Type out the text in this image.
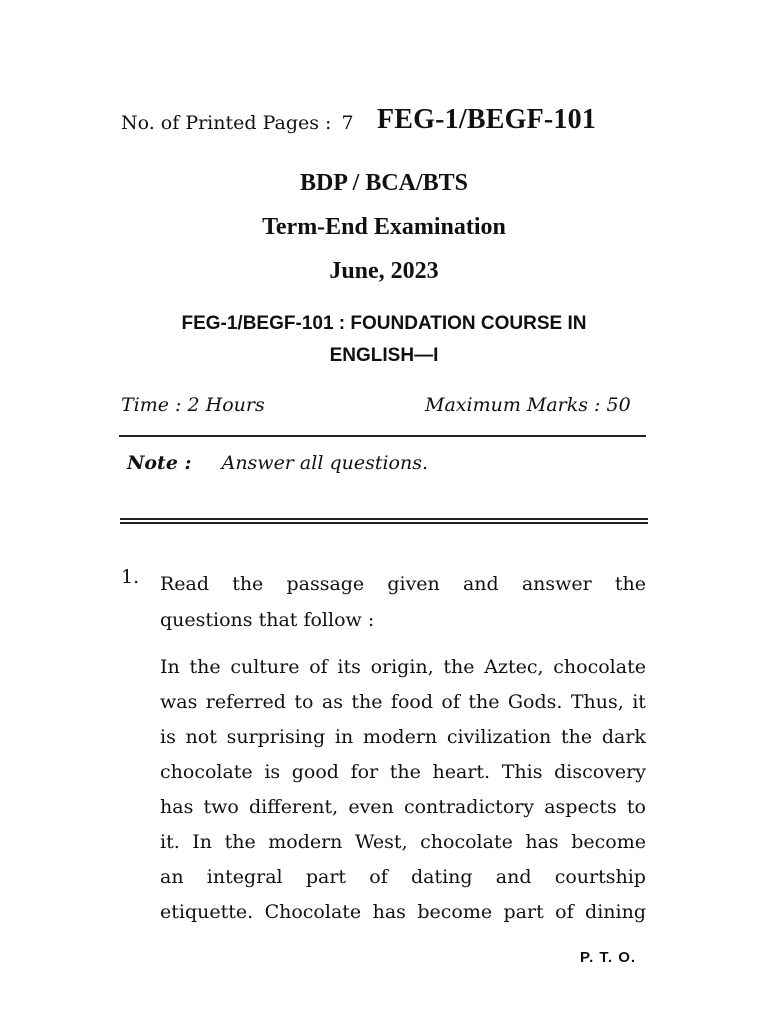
No. of Printed Pages : 7 FEG-1/BEGF-101
BDP / BCA/BTS
Term-End Examination
June, 2023
FEG-1/BEGF-101 : FOUNDATION COURSE IN
ENGLISH—I
Time : 2 Hours	Maximum Marks : 50
Note : Answer all questions.
1. Read the passage given and answer the
questions that follow :
In the culture of its origin, the Aztec, chocolate
was referred to as the food of the Gods. Thus, it
is not surprising in modern civilization the dark
chocolate is good for the heart. This discovery
has two different, even contradictory aspects to
it. In the modern West, chocolate has become
an integral part of dating and courtship
etiquette. Chocolate has become part of dining
P. T. O.
